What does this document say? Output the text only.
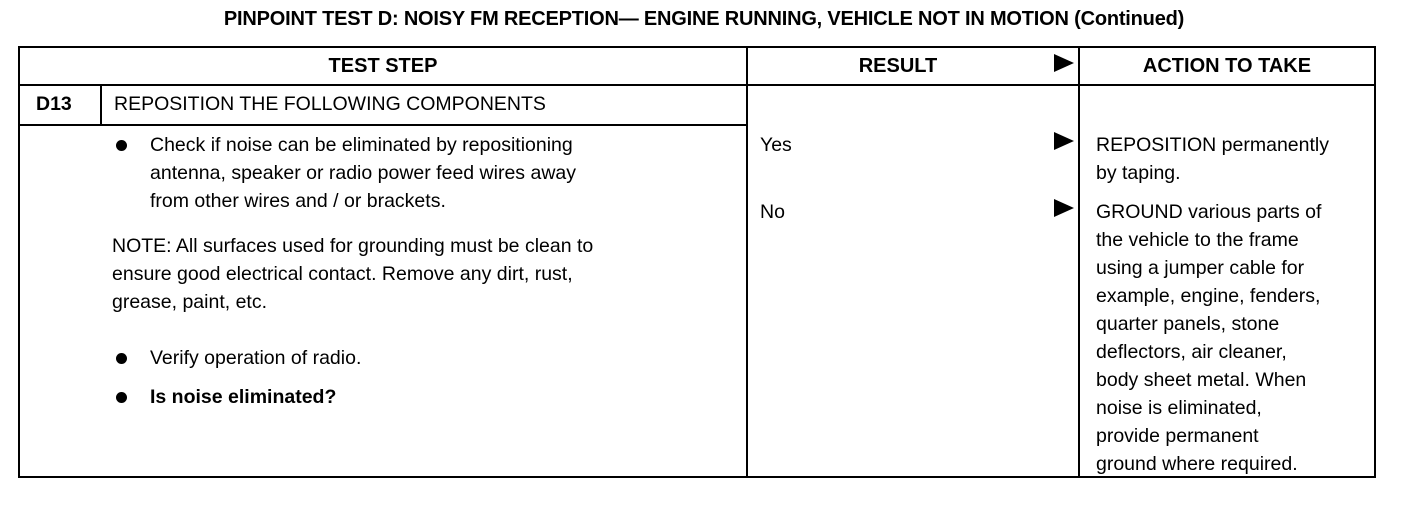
PINPOINT TEST D: NOISY FM RECEPTION— ENGINE RUNNING, VEHICLE NOT IN MOTION (Continued)
TEST STEP	RESULT	ACTION TO TAKE
D13 REPOSITION THE FOLLOWING COMPONENTS
Check if noise can be eliminated by repositioning
antenna, speaker or radio power feed wires away
from other wires and / or brackets.
NOTE: All surfaces used for grounding must be clean to
ensure good electrical contact. Remove any dirt, rust,
grease, paint, etc.
Verify operation of radio.
Is noise eliminated?
Yes	REPOSITION permanently
by taping.
No	GROUND various parts of
the vehicle to the frame
using a jumper cable for
example, engine, fenders,
quarter panels, stone
deflectors, air cleaner,
body sheet metal. When
noise is eliminated,
provide permanent
ground where required.
